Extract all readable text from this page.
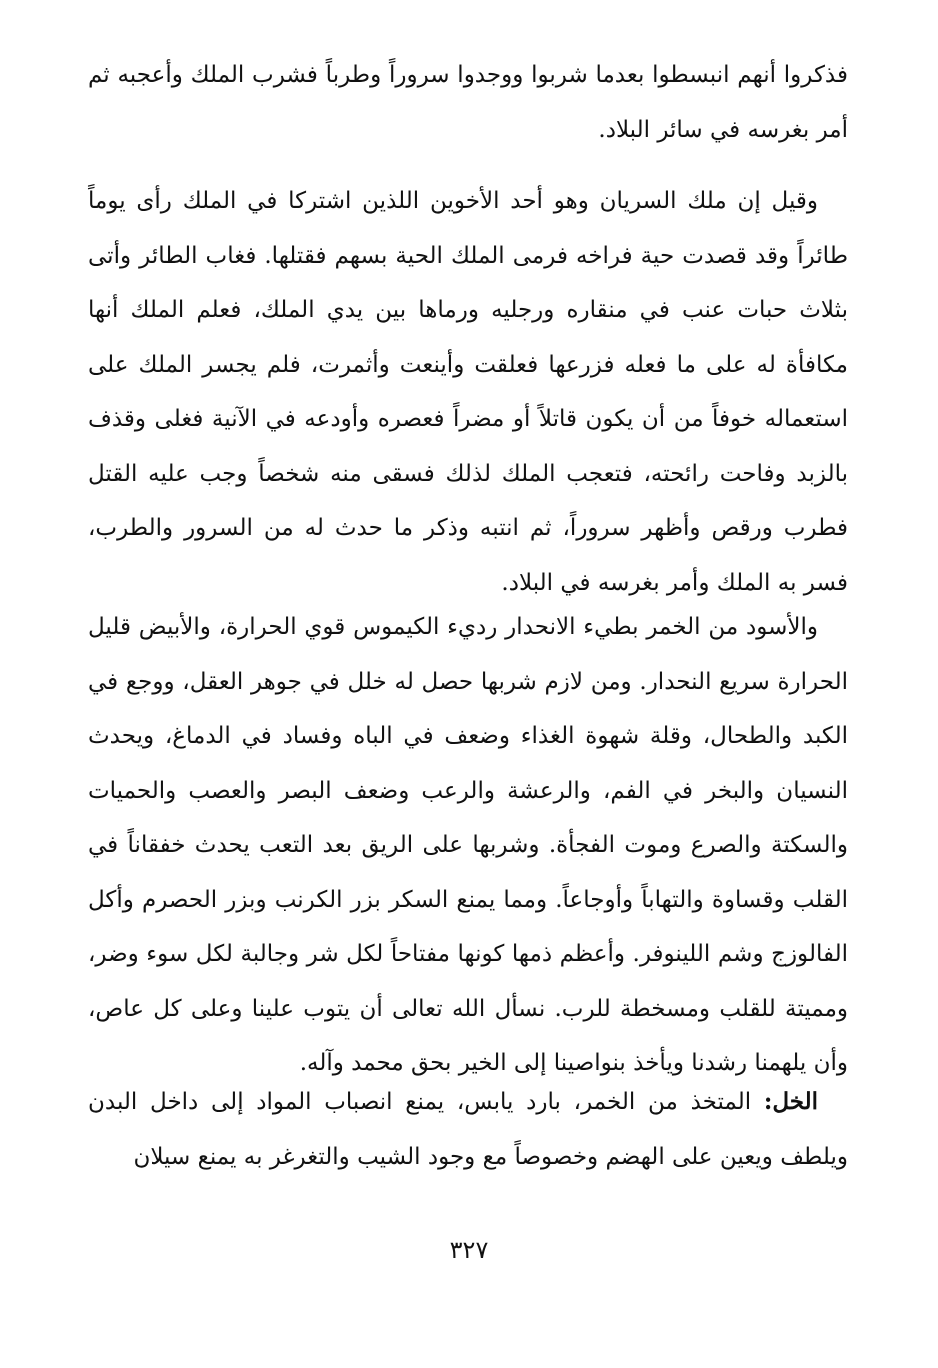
فذكروا أنهم انبسطوا بعدما شربوا ووجدوا سروراً وطرباً فشرب الملك وأعجبه ثم أمر بغرسه في سائر البلاد.

وقيل إن ملك السريان وهو أحد الأخوين اللذين اشتركا في الملك رأى يوماً طائراً وقد قصدت حية فراخه فرمى الملك الحية بسهم فقتلها. فغاب الطائر وأتى بثلاث حبات عنب في منقاره ورجليه ورماها بين يدي الملك، فعلم الملك أنها مكافأة له على ما فعله فزرعها فعلقت وأينعت وأثمرت، فلم يجسر الملك على استعماله خوفاً من أن يكون قاتلاً أو مضراً فعصره وأودعه في الآنية فغلى وقذف بالزبد وفاحت رائحته، فتعجب الملك لذلك فسقى منه شخصاً وجب عليه القتل فطرب ورقص وأظهر سروراً، ثم انتبه وذكر ما حدث له من السرور والطرب، فسر به الملك وأمر بغرسه في البلاد.

والأسود من الخمر بطيء الانحدار رديء الكيموس قوي الحرارة، والأبيض قليل الحرارة سريع النحدار. ومن لازم شربها حصل له خلل في جوهر العقل، ووجع في الكبد والطحال، وقلة شهوة الغذاء وضعف في الباه وفساد في الدماغ، ويحدث النسيان والبخر في الفم، والرعشة والرعب وضعف البصر والعصب والحميات والسكتة والصرع وموت الفجأة. وشربها على الريق بعد التعب يحدث خفقاناً في القلب وقساوة والتهاباً وأوجاعاً. ومما يمنع السكر بزر الكرنب وبزر الحصرم وأكل الفالوزج وشم اللينوفر. وأعظم ذمها كونها مفتاحاً لكل شر وجالبة لكل سوء وضر، ومميتة للقلب ومسخطة للرب. نسأل الله تعالى أن يتوب علينا وعلى كل عاص، وأن يلهمنا رشدنا ويأخذ بنواصينا إلى الخير بحق محمد وآله.

الخل: المتخذ من الخمر، بارد يابس، يمنع انصباب المواد إلى داخل البدن ويلطف ويعين على الهضم وخصوصاً مع وجود الشيب والتغرغر به يمنع سيلان

٣٢٧
